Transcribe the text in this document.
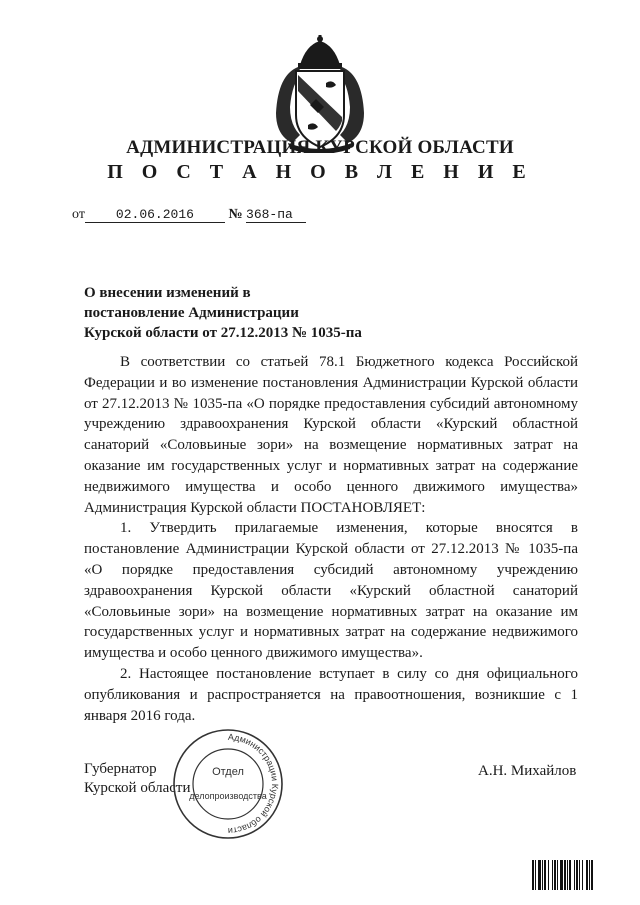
АДМИНИСТРАЦИЯ КУРСКОЙ ОБЛАСТИ
П О С Т А Н О В Л Е Н И Е
от 02.06.2016 № 368-па
О внесении изменений в
постановление Администрации
Курской области от 27.12.2013 № 1035-па

В соответствии со статьей 78.1 Бюджетного кодекса Российской Федерации и во изменение постановления Администрации Курской области от 27.12.2013 № 1035-па «О порядке предоставления субсидий автономному учреждению здравоохранения Курской области «Курский областной санаторий «Соловьиные зори» на возмещение нормативных затрат на оказание им государственных услуг и нормативных затрат на содержание недвижимого имущества и особо ценного движимого имущества» Администрация Курской области ПОСТАНОВЛЯЕТ:

1. Утвердить прилагаемые изменения, которые вносятся в постановление Администрации Курской области от 27.12.2013 № 1035-па «О порядке предоставления субсидий автономному учреждению здравоохранения Курской области «Курский областной санаторий «Соловьиные зори» на возмещение нормативных затрат на оказание им государственных услуг и нормативных затрат на содержание недвижимого имущества и особо ценного движимого имущества».

2. Настоящее постановление вступает в силу со дня официального опубликования и распространяется на правоотношения, возникшие с 1 января 2016 года.

Губернатор
Курской области
А.Н. Михайлов
Администрации Курской области
Отдел
делопроизводства
